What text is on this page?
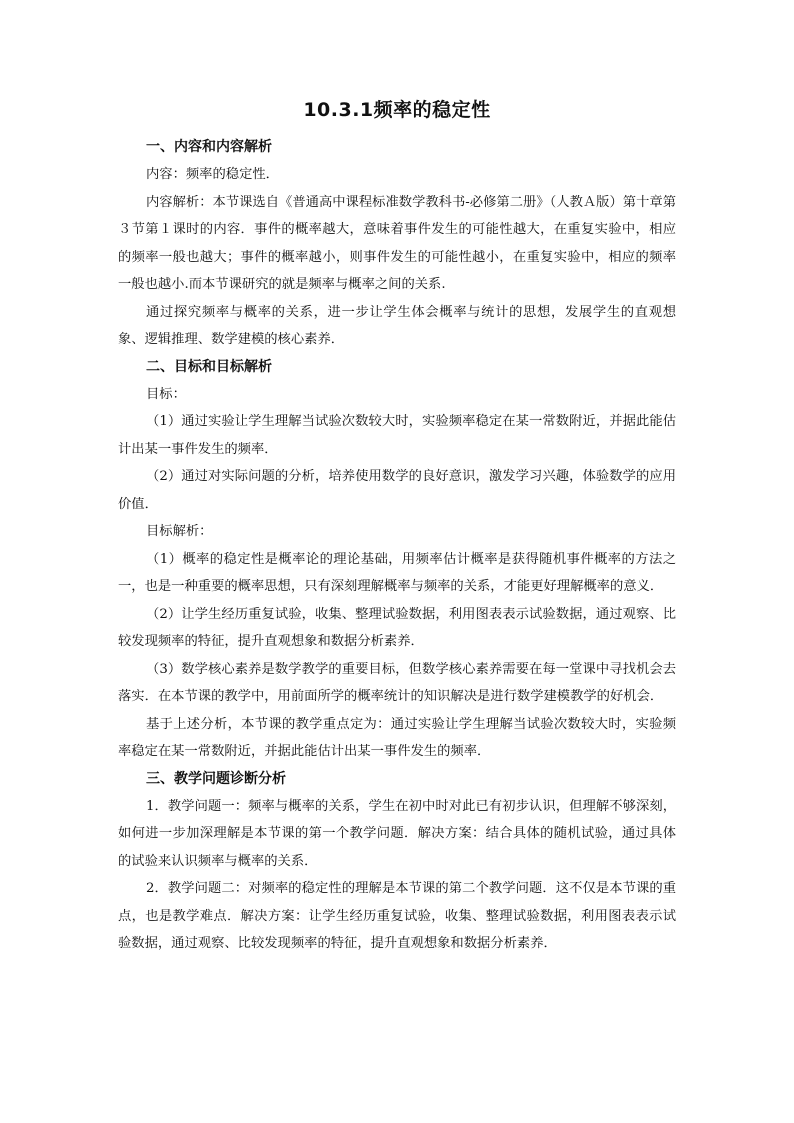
10.3.1频率的稳定性
一、内容和内容解析

内容：频率的稳定性．

内容解析：本节课选自《普通高中课程标准数学教科书-必修第二册》（人教Ａ版）第十章第３节第１课时的内容．事件的概率越大，意味着事件发生的可能性越大，在重复实验中，相应的频率一般也越大；事件的概率越小，则事件发生的可能性越小，在重复实验中，相应的频率一般也越小.而本节课研究的就是频率与概率之间的关系.

通过探究频率与概率的关系，进一步让学生体会概率与统计的思想，发展学生的直观想象、逻辑推理、数学建模的核心素养．

二、目标和目标解析

目标：

（1）通过实验让学生理解当试验次数较大时，实验频率稳定在某一常数附近，并据此能估计出某一事件发生的频率．

（2）通过对实际问题的分析，培养使用数学的良好意识，激发学习兴趣，体验数学的应用价值．

目标解析：

（1）概率的稳定性是概率论的理论基础，用频率估计概率是获得随机事件概率的方法之一，也是一种重要的概率思想，只有深刻理解概率与频率的关系，才能更好理解概率的意义．

（2）让学生经历重复试验，收集、整理试验数据，利用图表表示试验数据，通过观察、比较发现频率的特征，提升直观想象和数据分析素养．

（3）数学核心素养是数学教学的重要目标，但数学核心素养需要在每一堂课中寻找机会去落实．在本节课的教学中，用前面所学的概率统计的知识解决是进行数学建模教学的好机会．

基于上述分析，本节课的教学重点定为：通过实验让学生理解当试验次数较大时，实验频率稳定在某一常数附近，并据此能估计出某一事件发生的频率．

三、教学问题诊断分析

1．教学问题一：频率与概率的关系，学生在初中时对此已有初步认识，但理解不够深刻，如何进一步加深理解是本节课的第一个教学问题．解决方案：结合具体的随机试验，通过具体的试验来认识频率与概率的关系．

2．教学问题二：对频率的稳定性的理解是本节课的第二个教学问题．这不仅是本节课的重点，也是教学难点．解决方案：让学生经历重复试验，收集、整理试验数据，利用图表表示试验数据，通过观察、比较发现频率的特征，提升直观想象和数据分析素养．
